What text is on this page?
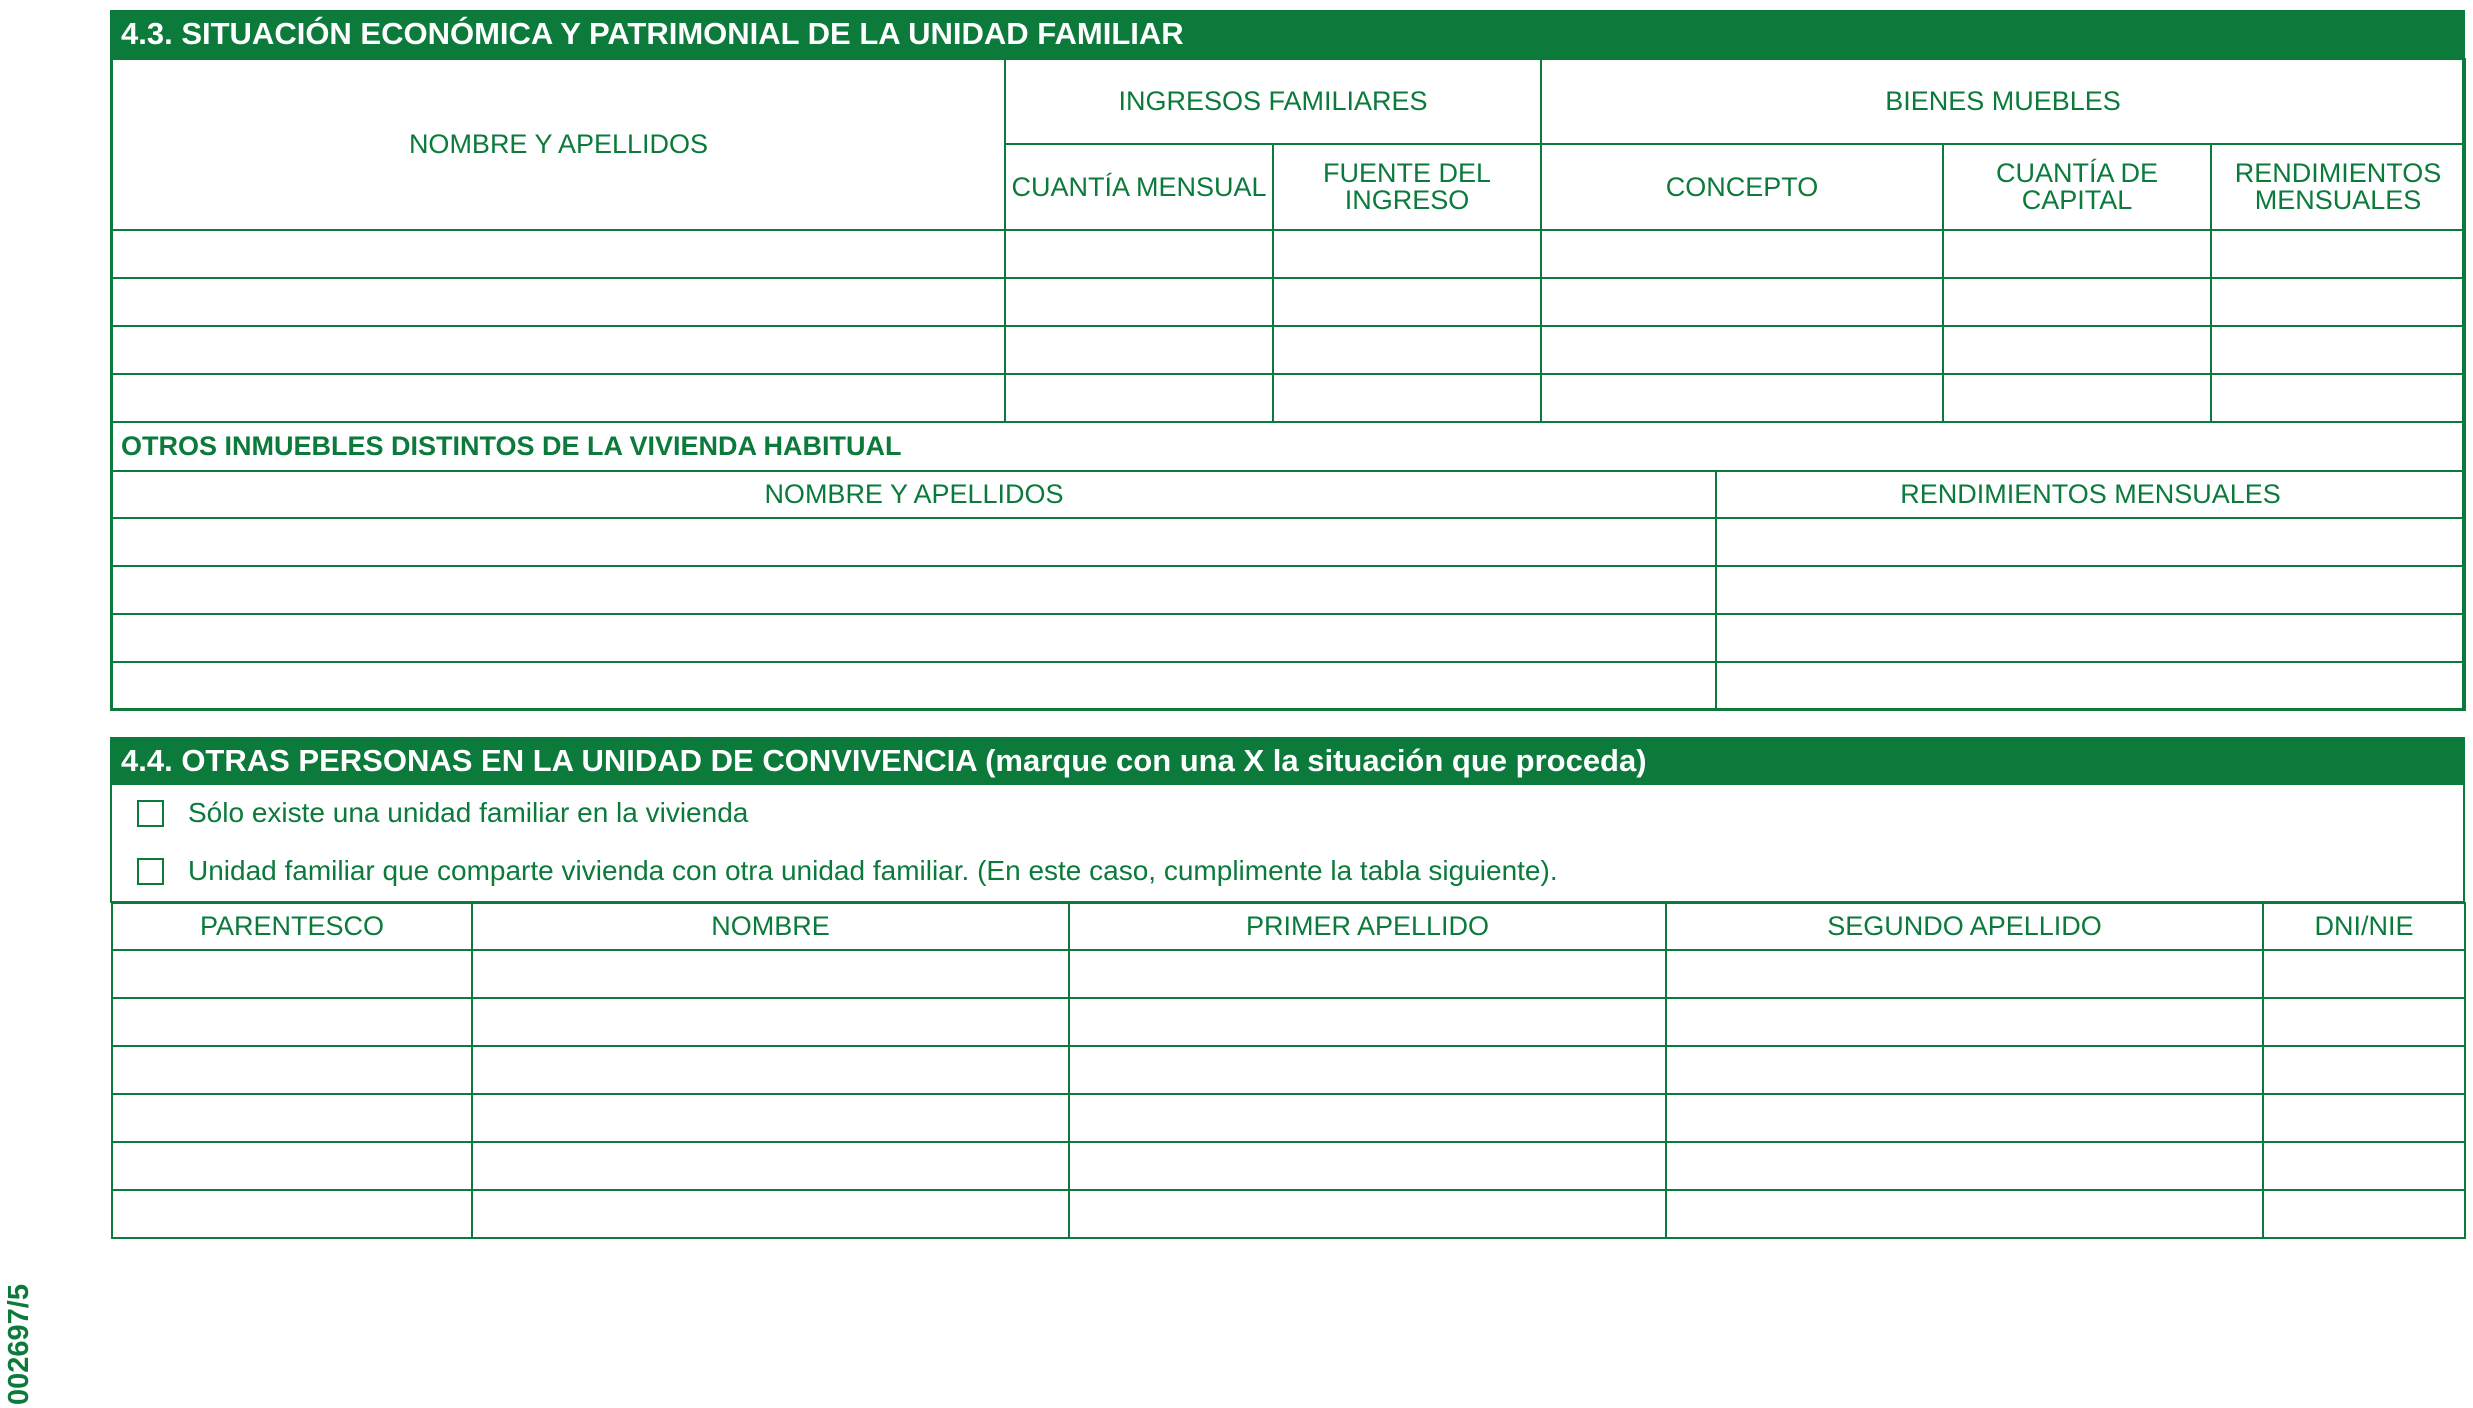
4.3. SITUACIÓN ECONÓMICA Y PATRIMONIAL DE LA UNIDAD FAMILIAR
NOMBRE Y APELLIDOS	INGRESOS FAMILIARES		BIENES MUEBLES		
	CUANTÍA MENSUAL	FUENTE DEL INGRESO	CONCEPTO	CUANTÍA DE CAPITAL	RENDIMIENTOS MENSUALES

OTROS INMUEBLES DISTINTOS DE LA VIVIENDA HABITUAL	
NOMBRE Y APELLIDOS	RENDIMIENTOS MENSUALES

4.4. OTRAS PERSONAS EN LA UNIDAD DE CONVIVENCIA (marque con una X la situación que proceda)
Sólo existe una unidad familiar en la vivienda
Unidad familiar que comparte vivienda con otra unidad familiar. (En este caso, cumplimente la tabla siguiente).
PARENTESCO	NOMBRE	PRIMER APELLIDO	SEGUNDO APELLIDO	DNI/NIE

002697/5
